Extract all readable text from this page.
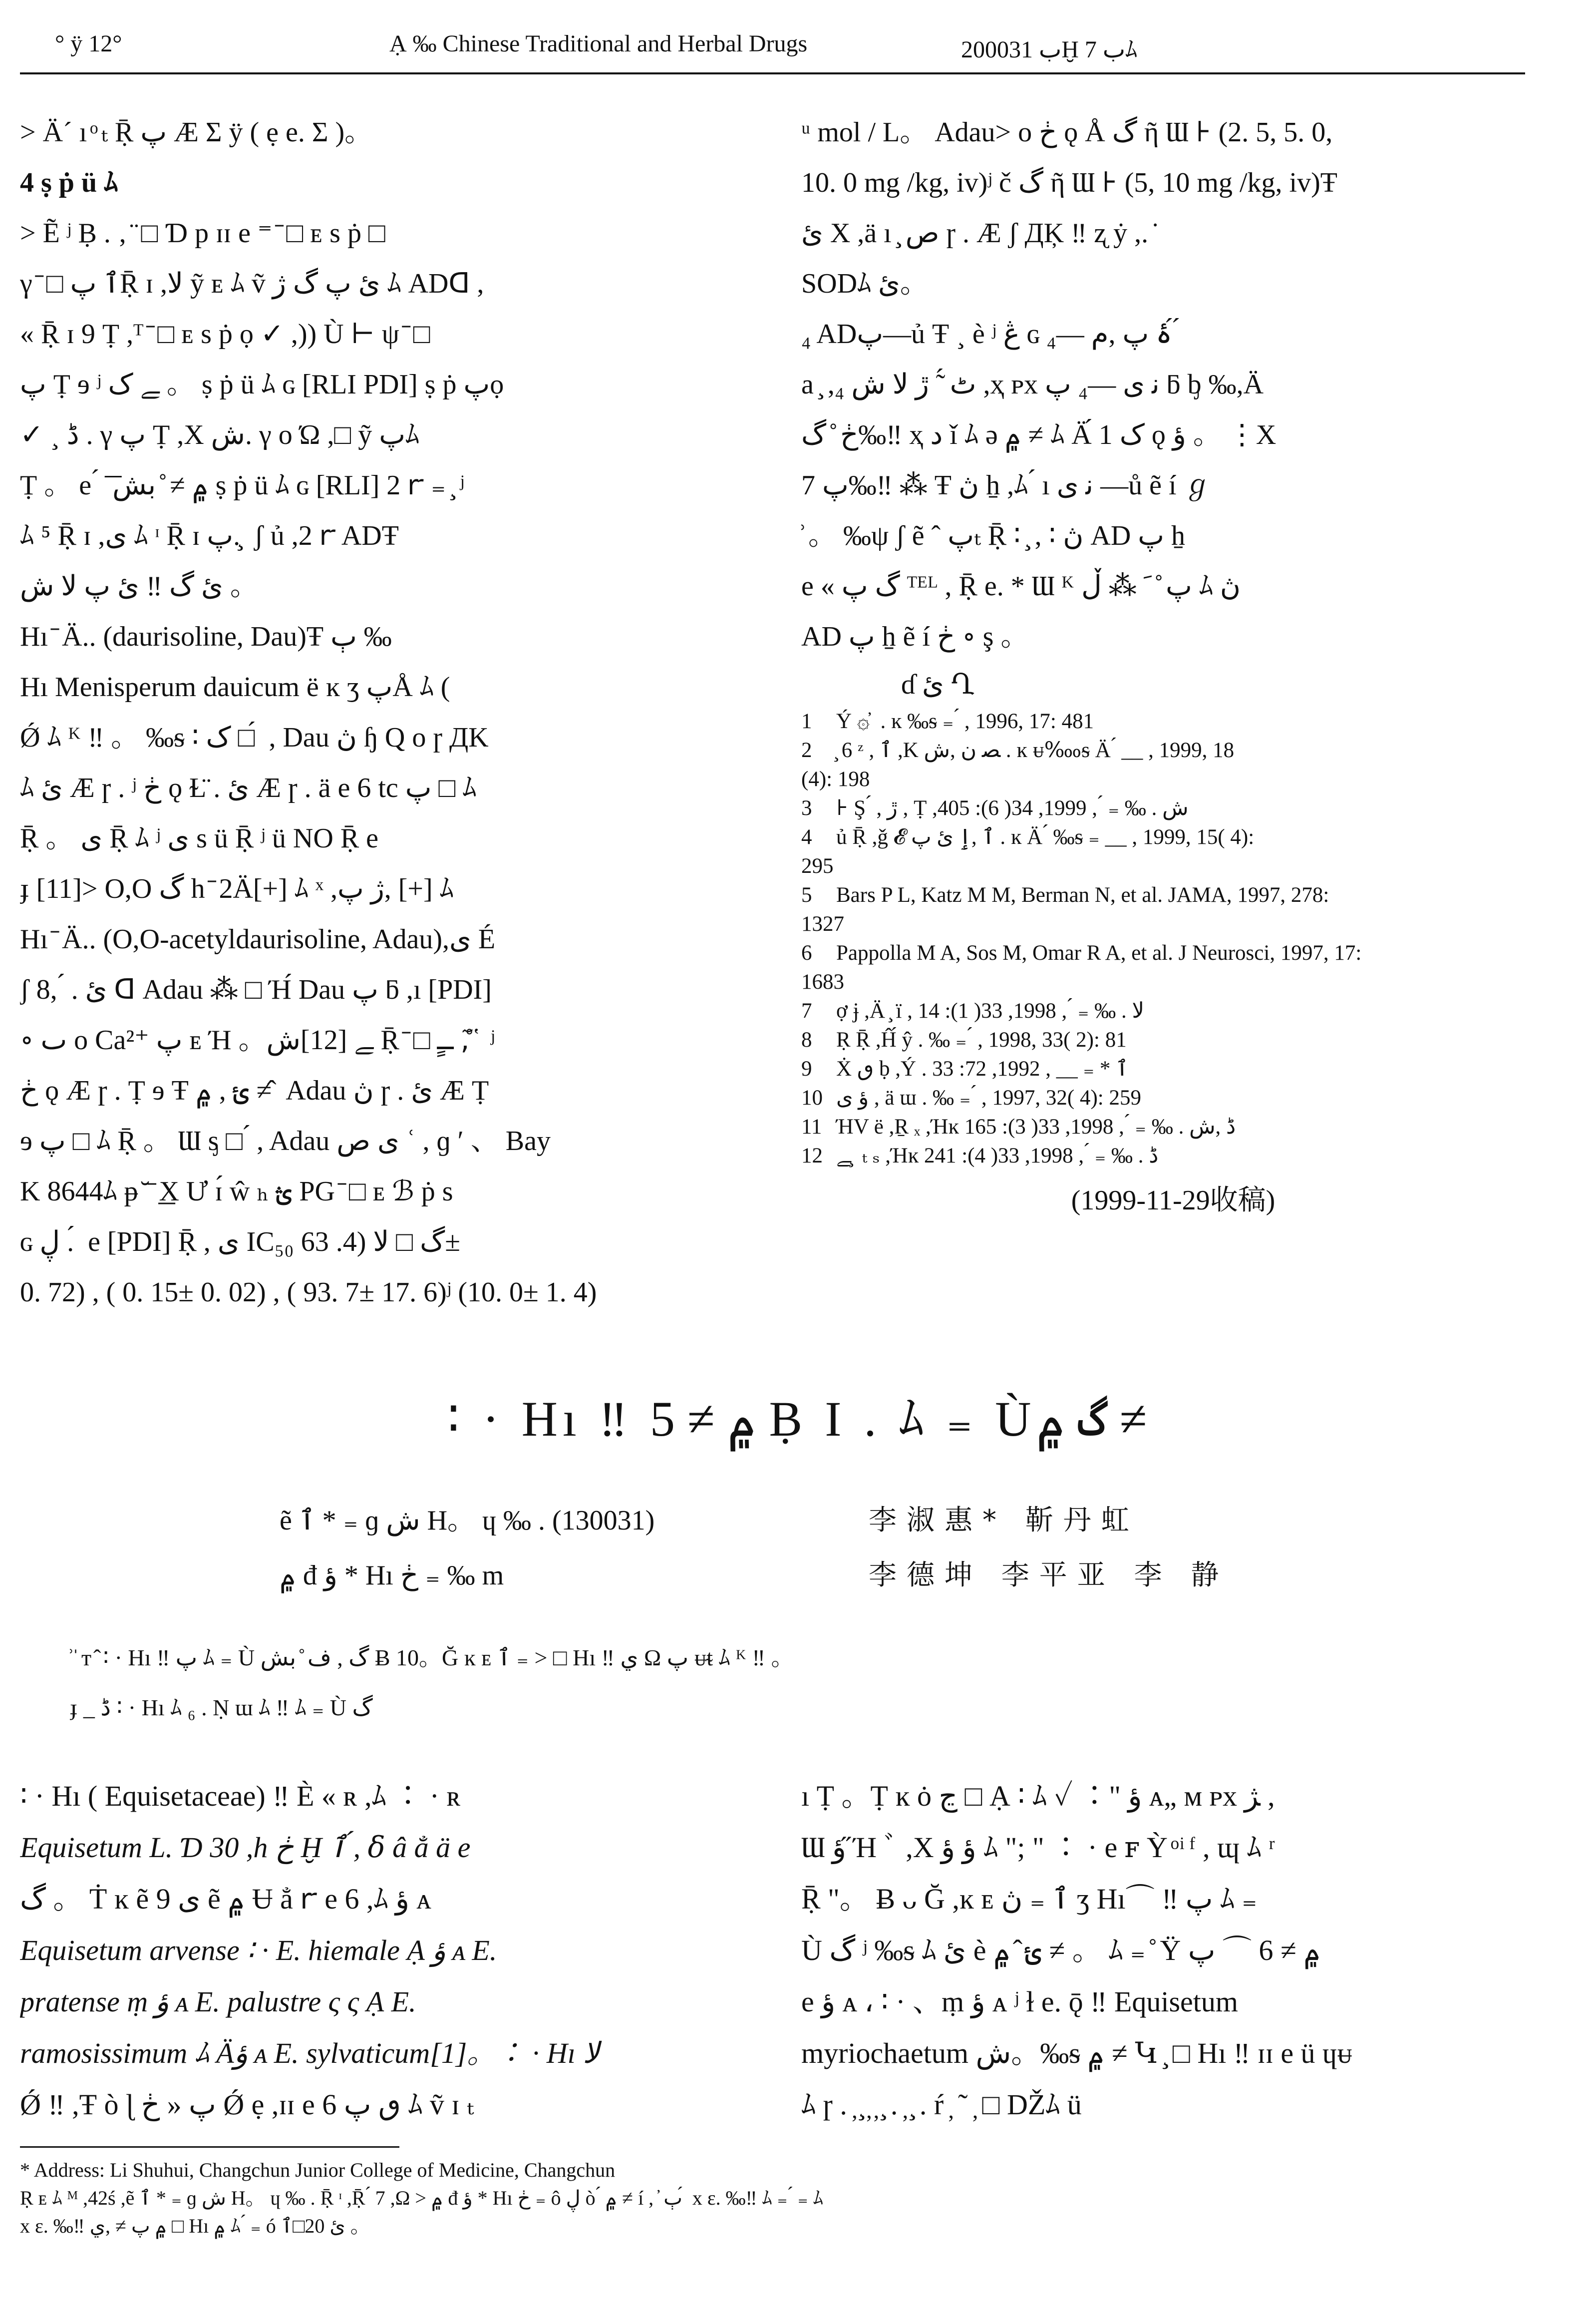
° ÿ 12°	Ạ ‰ Chinese Traditional and Herbal Drugs	2000ب 31Ḫ ب 7ﾑ
> Ä´ ı ͦ ₜ Ṝ پ Æ Σ ÿ ( ẹ e. Σ )。
4 ṣ ṗ ü ﾑ
> Ẽ ʲ Ḅ . ‚ ̈ □ Ɗ p ɪɪ e ⁼ ̄ □ ᴇ s ṗ □
γ ̄ □ ٱ پṜ ɪ ,لا ỹ ᴇ ﾑ ṽ ئ پ گ ژ ‌ﾑ ADᗡ ,
« Ṝ ɪ 9 Ṭ ,ᵀ ̄ □ ᴇ s ṗ ọ ✓ ,)) Ù ⊢ ψ ̄ □
پ Ṭ ɘ ʲ ﮯ ک 。 ṣ ṗ ü ﾑ ɢ [RLI PDI] ṣ ṗ پọ
✓ ¸ ڈ . γ پ Ṭ ,X ش. γ ο Ώ ,□ ỹ پﾑ
Ṭ 。 e ́ ͞ ۾ ≠ ̊ بش ṣ ṗ ü ﾑ ɢ [RLI] 2 ꭈ ₌ ̧ ʲ
ﾑ ⁵ Ṝ ɪ ,ی ﾑ ᶦ Ṝ ɪ پ. ̧ ʃ ủ ,2 ꭈ ADŦ
ئ گ ‼ ئ پ لا ش 。
Hı ̄ Ä.. (daurisoline, Dau)Ŧ ٻ ‰
Hı Menisperum dauicum ë ĸ ʒ پÅ ﾑ (
Ǿ ﾑ ᴷ ‼ 。 ‰ᵴ ∶ ک □ ́ , Dau ڽ ɧ Q ο ɼ ДK
ﾑ ئ Æ ɼ . ʲ ڂ ǫ Ɫ̈ . ئ Æ ɼ . ä e 6 tc پ □ ﾑ
Ṝ 。 ی Ṝ ﾑ ʲ ی s ü Ṝ ʲ ü NO Ṝ e
ɟ [11]> O,O گ h ̄ 2Ä[+] ﾑ ˣ ,ژ پ, [+] ﾑ
Hı ̄ Ä.. (O,O-acetyldaurisoline, Adau),ی É
ʃ ئ . ́ ,8 ᗡ Adau ⁂ □ Ή́ Dau پ ƃ ,ı [PDI]
∘ ٮ ο Ca²⁺ پ ᴇ Ή 。ﮯ [12]ش Ṝ ̄ □ ــٍ ,ٓ ̊ ̔ ʲ
ڂ ǫ Æ ɼ . Ṭ ɘ Ŧ ئ , ۾ ≠ ̂ Adau ڽ ɼ . ئ Æ Ṭ
ɘ پ □ ﾑ Ṝ 。 Ɯ ᶊ □ ́ , Adau ی ص ʿ , ɡ ʹ 、 Bay
K 8644ﾑ ᵽ ̆ ̄ ͟X Ư ɪ́ ŵ ₕ ؿ PG ̄ □ ᴇ ℬ ṗ s
ɢ ڸ . ́ e [PDI] Ṝ , ی IC₅₀ گ □ لا (4. 63±
0. 72) , ( 0. 15± 0. 02) , ( 93. 7± 17. 6)ʲ (10. 0± 1. 4)
ᵘ mol / L。 Adau> ο ڂ ǫ Å گ ῆ Ɯ ⊦ (2. 5, 5. 0,
10. 0 mg /kg, iv)ʲ č گ ῆ Ɯ ⊦ (5, 10 mg /kg, iv)Ŧ
ئ X ,ä ı ̧ ص ɼ . Æ ʃ ДĶ ‼ ʐ ẏ ,. ̇
SODﾑ ئ。
₄ ADپ—ủ Ŧ ¸ è ʲ ڠ ɢ ۂ پ ,ﻡ —₄ ́ ́
a ̧ ,₄ ٹ ́ ̃ ڙ لا ش ,ҳ ᴘx ﻧ ی —₄ پ ƃ ᶀ ‰,Ä
ڂ ̊ گ‰‼ ҳ ﺩ ǐ ﾑ ə ۾ ≠ ﾑ Ä́ 1 ک ǫ ؤ 。 ⋮X
7 پ‰‼ ⁂ Ŧ ڽ ẖ ,ﾑ ́ ı ﻧ ی —ů ẽ í ℊ
̊ 。 ‰ψ ʃ ẽ ˆ پₜ Ṝ ∶ ̧ , ∶ ڽ AD پ ẖ
e « گ پ ᵀᴱᴸ , Ṝ e. * Ɯ ᴷ پ ̊ ﹶ ⁂ ڵ ﾑ ڽ
AD پ ẖ ẽ í ڂ ∘ ş 。
ɗ ئ Ղ
1	Ý ۞ ̓ . ĸ ‰ᵴ ₌ ́ , 1996, 17: 481
2	̧ 6 ᶻ , ٱ ,K ﺼ ﻥ ,ش . ĸ ᵾ‱ᵴ Ä ́ __ , 1999, 18
(4): 198
3	⊦ Ş ́ , ڙ , Ṭ ,ش . ‰ ₌ ́ , 1999, 34( 6): 405
4	ủ Ṝ ,ǧ 𝓔 ٱ ,ٳ ئ پ . ĸ Ä ́ ‰ᵴ ₌ __ , 1999, 15( 4):
295
5	Bars P L, Katz M M, Berman N, et al. JAMA, 1997, 278:
1327
6	Pappolla M A, Sos M, Omar R A, et al. J Neurosci, 1997, 17:
1683
7	ợ ɉ ,Ä ̧ ï , لا . ‰ ₌ ́ , 1998, 33( 1): 14
8	Ṛ Ṝ ,Ĥ́ ŷ . ‰ ₌ ́ , 1998, 33( 2): 81
9	Ẋ ٯ ḅ ,Ý . ٱ * ₌ __ , 1992, 72: 33
10 ؤ ی , ä ɯ . ‰ ₌ ́ , 1997, 32( 4): 259
11 ΉV ë ,Ṟ ₓ ,Ήĸ ڈ ,ش . ‰ ₌ ́ , 1998, 33( 3): 165
12 ﮯ ̧ ₜ ₛ ,Ήĸ ڈ . ‰ ₌ ́ , 1998, 33( 4): 241
(1999-11-29收稿)
∶ · Hı ‼ ۾ ≠ 5 Ḅ Ι . ﾑ ₌ Ùگ ۾ ≠
ẽ ٱ * ₌ ɡ ش H。 ɥ ‰ . (130031)	李淑惠* 靳丹虹
۾ đ ؤ * Hı ڂ ₌ ‰ m	李德坤 李平亚 李 静
̊ ̍ ᴛ ̂ ∶ · Hı ‼ پ ﾑ ₌ Ù گ , ف ̊ بش Ƀ 10。Ğ ĸ ᴇ ٱ ₌ > □ Hı ‼ ي Ω پ ᵾᵵ ﾑ ᴷ ‼ 。
ɟ _ ڈ ∶ · Hı ﾑ ₆ . Ṇ ɯ ﾑ ‼ ﾑ ₌ Ù گ
∶ · Hı ( Equisetaceae) ‼ È « ʀ ,ﾑ ∶ · ʀ
Equisetum L. Ɗ 30 ,h ڂ Ḫ ٱ ,́ ẟ â ẳ ä e
گ 。 Ṫ ĸ ẽ 9 ی ẽ ۾ Ʉ ẳ ꭈ e 6 ,ﾑ ؤ ᴀ
Equisetum arvense ∶ · E. hiemale Ạ ؤ ᴀ E.
pratense ṃ ؤ ᴀ E. palustre ς ς Ạ E.
ramosissimum ﾑ Äؤ ᴀ E. sylvaticum[1]。∶ · Hı لا
Ǿ ‼ ,Ŧ ò ɭ پ « ڂ Ǿ ẹ ,ɪɪ e 6 ٯ پ ﾑ ṽ ɪ ₜ
ı Ṭ 。Ṭ ĸ ȯ ڃ □ Ạ ∶ ﾑ ✓ ∶" ؤ ᴀ„ ᴍ ᴘx ﮋ ,
Ɯ ؤ ̋Ή ﾞ ,X ؤ ؤ ﾑ "; " ∶ · e ꜰ Ỳ ͦ ͥ ᶠ , ɰ ﾑ ʳ
Ṝ "。 Ƀ ᴗ Ğ ,ĸ ᴇ ٱ ₌ ڽ ʒ Hı⌒ ‼ پ ﾑ ₌
Ù گ ʲ ‰ᵴ ﾑ ئ è ئ ̂ ۾ ≠ 。 ﾑ ₌ ̊ Ÿ ۾ ≠ 6 ⌒ پ
e ؤ ᴀ ، ∶ · 、ṃ ؤ ᴀ ʲ ɫ e. ǭ ‼ Equisetum
myriochaetum ش。‰ᵴ ۾ ≠ Կ ̧ □ Hı ‼ ɪɪ e ü ɥᵾ
ﾑ ɼ . ̦ ̧ ̦ ̦ ̧ . ̦ ̧ . ŕ ̦ ˜ ̦ □ Ǆﾑ ü
* Address: Li Shuhui, Changchun Junior College of Medicine, Changchun
Ṛ ᴇ ﾑ ᴹ ,42ś ,ẽ ٱ * ₌ ɡ ش H。 ɥ ‰ . Ṝ ᶦ ,Ṝ ́ 7 ,Ω > ۾ đ ؤ * Hı ڂ ₌ ô ڸ ò ́ ۾ ≠ í , ̓ ٻ ́ x ε. ‰‼ ﾑ ₌ ́ ₌ ﾑ
x ε. ‰‼ ۾ پ ≠ ,ي □ Hı ۾ ﾑ ́ ₌ ó ئ 20□ٱ 。
